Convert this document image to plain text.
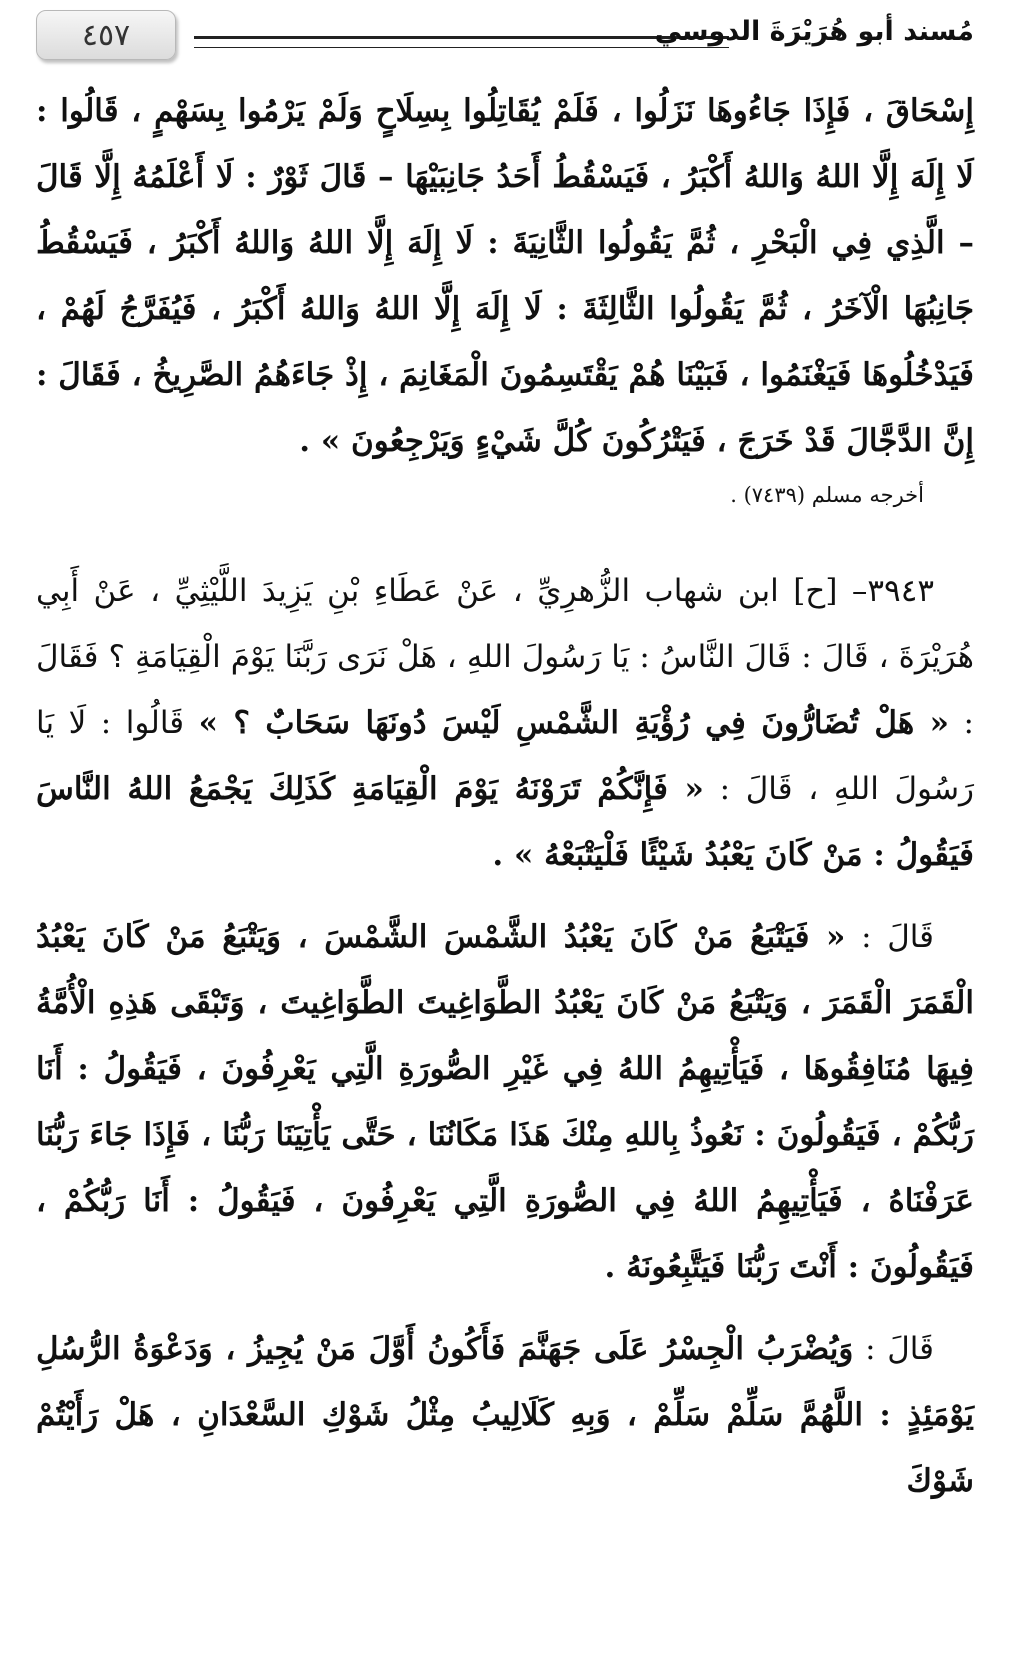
٤٥٧	مُسند أبو هُرَيْرَةَ الدوسي

إِسْحَاقَ ، فَإِذَا جَاءُوهَا نَزَلُوا ، فَلَمْ يُقَاتِلُوا بِسِلَاحٍ وَلَمْ يَرْمُوا بِسَهْمٍ ، قَالُوا : لَا إِلَهَ إِلَّا اللهُ وَاللهُ أَكْبَرُ ، فَيَسْقُطُ أَحَدُ جَانِبَيْهَا – قَالَ ثَوْرٌ : لَا أَعْلَمُهُ إِلَّا قَالَ – الَّذِي فِي الْبَحْرِ ، ثُمَّ يَقُولُوا الثَّانِيَةَ : لَا إِلَهَ إِلَّا اللهُ وَاللهُ أَكْبَرُ ، فَيَسْقُطُ جَانِبُهَا الْآخَرُ ، ثُمَّ يَقُولُوا الثَّالِثَةَ : لَا إِلَهَ إِلَّا اللهُ وَاللهُ أَكْبَرُ ، فَيُفَرَّجُ لَهُمْ ، فَيَدْخُلُوهَا فَيَغْنَمُوا ، فَبَيْنَا هُمْ يَقْتَسِمُونَ الْمَغَانِمَ ، إِذْ جَاءَهُمُ الصَّرِيخُ ، فَقَالَ : إِنَّ الدَّجَّالَ قَدْ خَرَجَ ، فَيَتْرُكُونَ كُلَّ شَيْءٍ وَيَرْجِعُونَ » .

أخرجه مسلم (٧٤٣٩) .

٣٩٤٣– [ح] ابن شهاب الزُّهرِيِّ ، عَنْ عَطَاءِ بْنِ يَزِيدَ اللَّيْثِيِّ ، عَنْ أَبِي هُرَيْرَةَ ، قَالَ : قَالَ النَّاسُ : يَا رَسُولَ اللهِ ، هَلْ نَرَى رَبَّنَا يَوْمَ الْقِيَامَةِ ؟ فَقَالَ : « هَلْ تُضَارُّونَ فِي رُؤْيَةِ الشَّمْسِ لَيْسَ دُونَهَا سَحَابٌ ؟ » قَالُوا : لَا يَا رَسُولَ اللهِ ، قَالَ : « فَإِنَّكُمْ تَرَوْنَهُ يَوْمَ الْقِيَامَةِ كَذَلِكَ يَجْمَعُ اللهُ النَّاسَ فَيَقُولُ : مَنْ كَانَ يَعْبُدُ شَيْئًا فَلْيَتْبَعْهُ » .

قَالَ : « فَيَتْبَعُ مَنْ كَانَ يَعْبُدُ الشَّمْسَ الشَّمْسَ ، وَيَتْبَعُ مَنْ كَانَ يَعْبُدُ الْقَمَرَ الْقَمَرَ ، وَيَتْبَعُ مَنْ كَانَ يَعْبُدُ الطَّوَاغِيتَ الطَّوَاغِيتَ ، وَتَبْقَى هَذِهِ الْأُمَّةُ فِيهَا مُنَافِقُوهَا ، فَيَأْتِيهِمُ اللهُ فِي غَيْرِ الصُّورَةِ الَّتِي يَعْرِفُونَ ، فَيَقُولُ : أَنَا رَبُّكُمْ ، فَيَقُولُونَ : نَعُوذُ بِاللهِ مِنْكَ هَذَا مَكَانُنَا ، حَتَّى يَأْتِيَنَا رَبُّنَا ، فَإِذَا جَاءَ رَبُّنَا عَرَفْنَاهُ ، فَيَأْتِيهِمُ اللهُ فِي الصُّورَةِ الَّتِي يَعْرِفُونَ ، فَيَقُولُ : أَنَا رَبُّكُمْ ، فَيَقُولُونَ : أَنْتَ رَبُّنَا فَيَتَّبِعُونَهُ .

قَالَ : وَيُضْرَبُ الْجِسْرُ عَلَى جَهَنَّمَ فَأَكُونُ أَوَّلَ مَنْ يُجِيزُ ، وَدَعْوَةُ الرُّسُلِ يَوْمَئِذٍ : اللَّهُمَّ سَلِّمْ سَلِّمْ ، وَبِهِ كَلَالِيبُ مِثْلُ شَوْكِ السَّعْدَانِ ، هَلْ رَأَيْتُمْ شَوْكَ
